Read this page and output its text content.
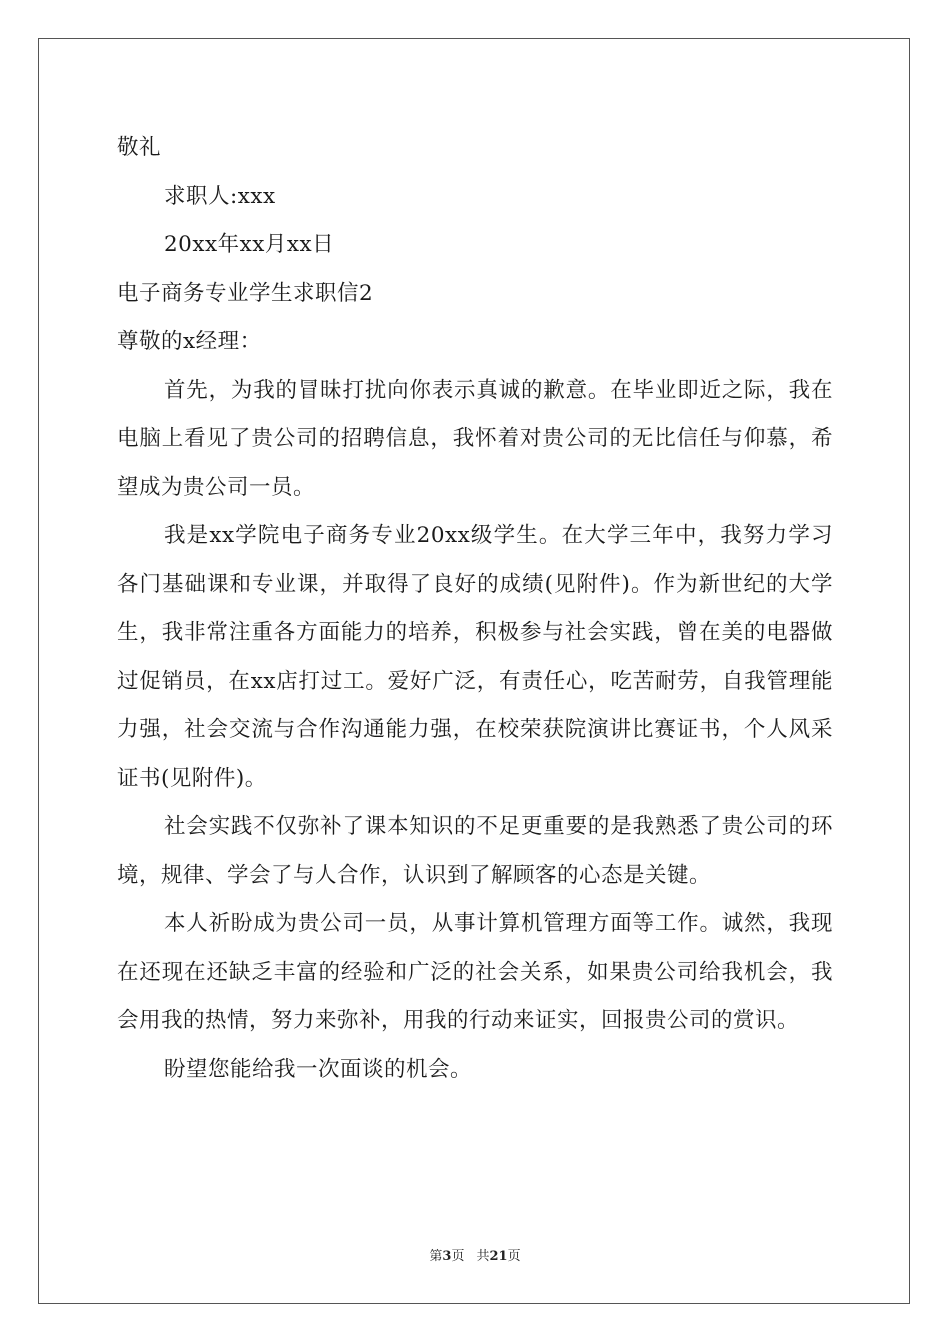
敬礼

求职人:xxx

20xx年xx月xx日

电子商务专业学生求职信2

尊敬的x经理：

首先，为我的冒昧打扰向你表示真诚的歉意。在毕业即近之际，我在电脑上看见了贵公司的招聘信息，我怀着对贵公司的无比信任与仰慕，希望成为贵公司一员。

我是xx学院电子商务专业20xx级学生。在大学三年中，我努力学习各门基础课和专业课，并取得了良好的成绩(见附件)。作为新世纪的大学生，我非常注重各方面能力的培养，积极参与社会实践，曾在美的电器做过促销员，在xx店打过工。爱好广泛，有责任心，吃苦耐劳，自我管理能力强，社会交流与合作沟通能力强，在校荣获院演讲比赛证书，个人风采证书(见附件)。

社会实践不仅弥补了课本知识的不足更重要的是我熟悉了贵公司的环境，规律、学会了与人合作，认识到了解顾客的心态是关键。

本人祈盼成为贵公司一员，从事计算机管理方面等工作。诚然，我现在还现在还缺乏丰富的经验和广泛的社会关系，如果贵公司给我机会，我会用我的热情，努力来弥补，用我的行动来证实，回报贵公司的赏识。

盼望您能给我一次面谈的机会。

第3页 共21页
